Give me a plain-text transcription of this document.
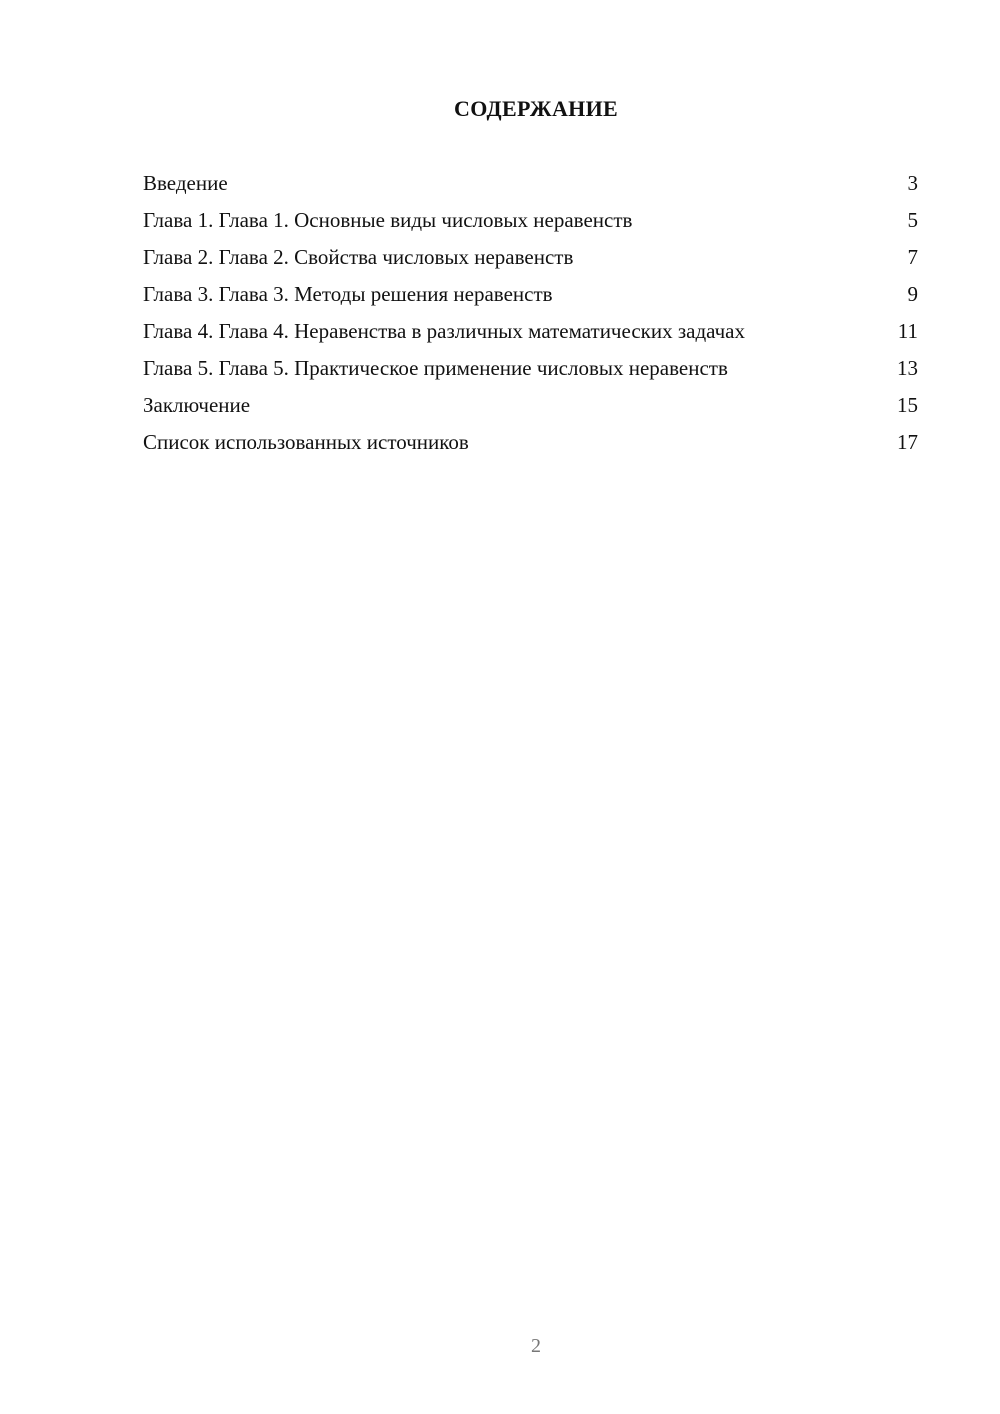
СОДЕРЖАНИЕ
Введение	3
Глава 1. Глава 1. Основные виды числовых неравенств	5
Глава 2. Глава 2. Свойства числовых неравенств	7
Глава 3. Глава 3. Методы решения неравенств	9
Глава 4. Глава 4. Неравенства в различных математических задачах	11
Глава 5. Глава 5. Практическое применение числовых неравенств	13
Заключение	15
Список использованных источников	17
2
